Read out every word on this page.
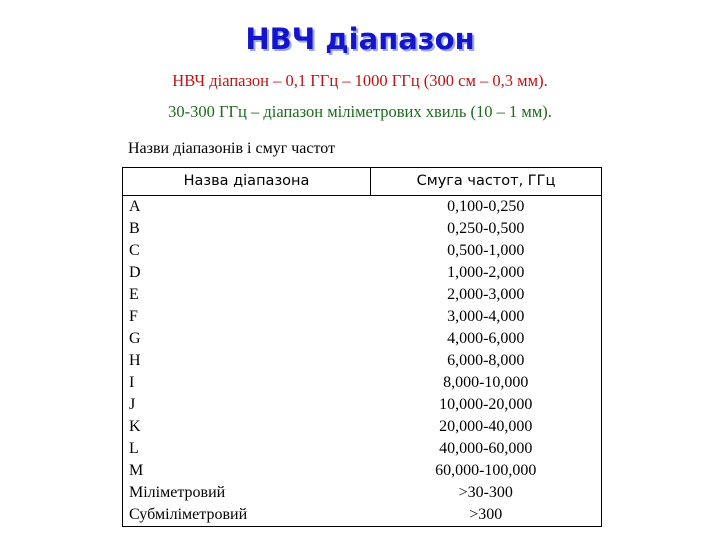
НВЧ діапазон
НВЧ діапазон – 0,1 ГГц – 1000 ГГц (300 см – 0,3 мм).
30-300 ГГц – діапазон міліметрових хвиль (10 – 1 мм).
Назви діапазонів і смуг частот
Назва діапазона	Смуга частот, ГГц
A	0,100-0,250
B	0,250-0,500
C	0,500-1,000
D	1,000-2,000
E	2,000-3,000
F	3,000-4,000
G	4,000-6,000
H	6,000-8,000
I	8,000-10,000
J	10,000-20,000
K	20,000-40,000
L	40,000-60,000
M	60,000-100,000
Міліметровий	>30-300
Субміліметровий	>300
